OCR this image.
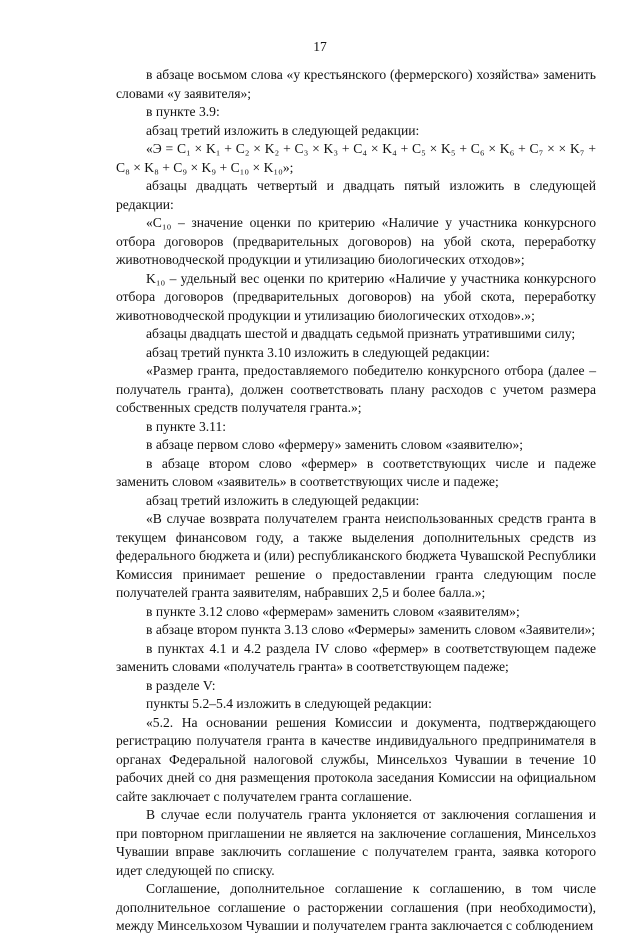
17

в абзаце восьмом слова «у крестьянского (фермерского) хозяйства» заменить словами «у заявителя»;

в пункте 3.9:

абзац третий изложить в следующей редакции:

«Э = C₁ × K₁ + C₂ × K₂ + C₃ × K₃ + C₄ × K₄ + C₅ × K₅ + C₆ × K₆ + C₇ × × K₇ + C₈ × K₈ + C₉ × K₉ + C₁₀ × K₁₀»;

абзацы двадцать четвертый и двадцать пятый изложить в следующей редакции:

«C₁₀ – значение оценки по критерию «Наличие у участника конкурсного отбора договоров (предварительных договоров) на убой скота, переработку животноводческой продукции и утилизацию биологических отходов»;

K₁₀ – удельный вес оценки по критерию «Наличие у участника конкурсного отбора договоров (предварительных договоров) на убой скота, переработку животноводческой продукции и утилизацию биологических отходов».»;

абзацы двадцать шестой и двадцать седьмой признать утратившими силу;

абзац третий пункта 3.10 изложить в следующей редакции:

«Размер гранта, предоставляемого победителю конкурсного отбора (далее – получатель гранта), должен соответствовать плану расходов с учетом размера собственных средств получателя гранта.»;

в пункте 3.11:

в абзаце первом слово «фермеру» заменить словом «заявителю»;

в абзаце втором слово «фермер» в соответствующих числе и падеже заменить словом «заявитель» в соответствующих числе и падеже;

абзац третий изложить в следующей редакции:

«В случае возврата получателем гранта неиспользованных средств гранта в текущем финансовом году, а также выделения дополнительных средств из федерального бюджета и (или) республиканского бюджета Чувашской Республики Комиссия принимает решение о предоставлении гранта следующим после получателей гранта заявителям, набравших 2,5 и более балла.»;

в пункте 3.12 слово «фермерам» заменить словом «заявителям»;

в абзаце втором пункта 3.13 слово «Фермеры» заменить словом «Заявители»;

в пунктах 4.1 и 4.2 раздела IV слово «фермер» в соответствующем падеже заменить словами «получатель гранта» в соответствующем падеже;

в разделе V:

пункты 5.2–5.4 изложить в следующей редакции:

«5.2. На основании решения Комиссии и документа, подтверждающего регистрацию получателя гранта в качестве индивидуального предпринимателя в органах Федеральной налоговой службы, Минсельхоз Чувашии в течение 10 рабочих дней со дня размещения протокола заседания Комиссии на официальном сайте заключает с получателем гранта соглашение.

В случае если получатель гранта уклоняется от заключения соглашения и при повторном приглашении не является на заключение соглашения, Минсельхоз Чувашии вправе заключить соглашение с получателем гранта, заявка которого идет следующей по списку.

Соглашение, дополнительное соглашение к соглашению, в том числе дополнительное соглашение о расторжении соглашения (при необходимости), между Минсельхозом Чувашии и получателем гранта заключается с соблюдением
